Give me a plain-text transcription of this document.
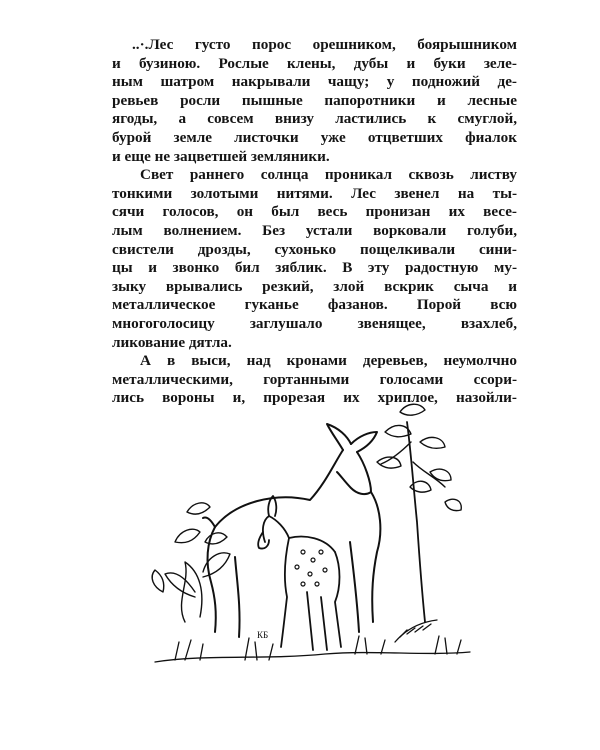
..·.Лес густо порос орешником, боярышником
и бузиною. Рослые клены, дубы и буки зеле-
ным шатром накрывали чащу; у подножий де-
ревьев росли пышные папоротники и лесные
ягоды, а совсем внизу ластились к смуглой,
бурой земле листочки уже отцветших фиалок
и еще не зацветшей земляники.

Свет раннего солнца проникал сквозь листву
тонкими золотыми нитями. Лес звенел на ты-
сячи голосов, он был весь пронизан их весе-
лым волнением. Без устали ворковали голуби,
свистели дрозды, сухонько пощелкивали сини-
цы и звонко бил зяблик. В эту радостную му-
зыку врывались резкий, злой вскрик сыча и
металлическое гуканье фазанов. Порой всю
многоголосицу заглушало звенящее, взахлеб,
ликование дятла.

А в выси, над кронами деревьев, неумолчно
металлическими, гортанными голосами ссори-
лись вороны и, прорезая их хриплое, назойли-

КБ
